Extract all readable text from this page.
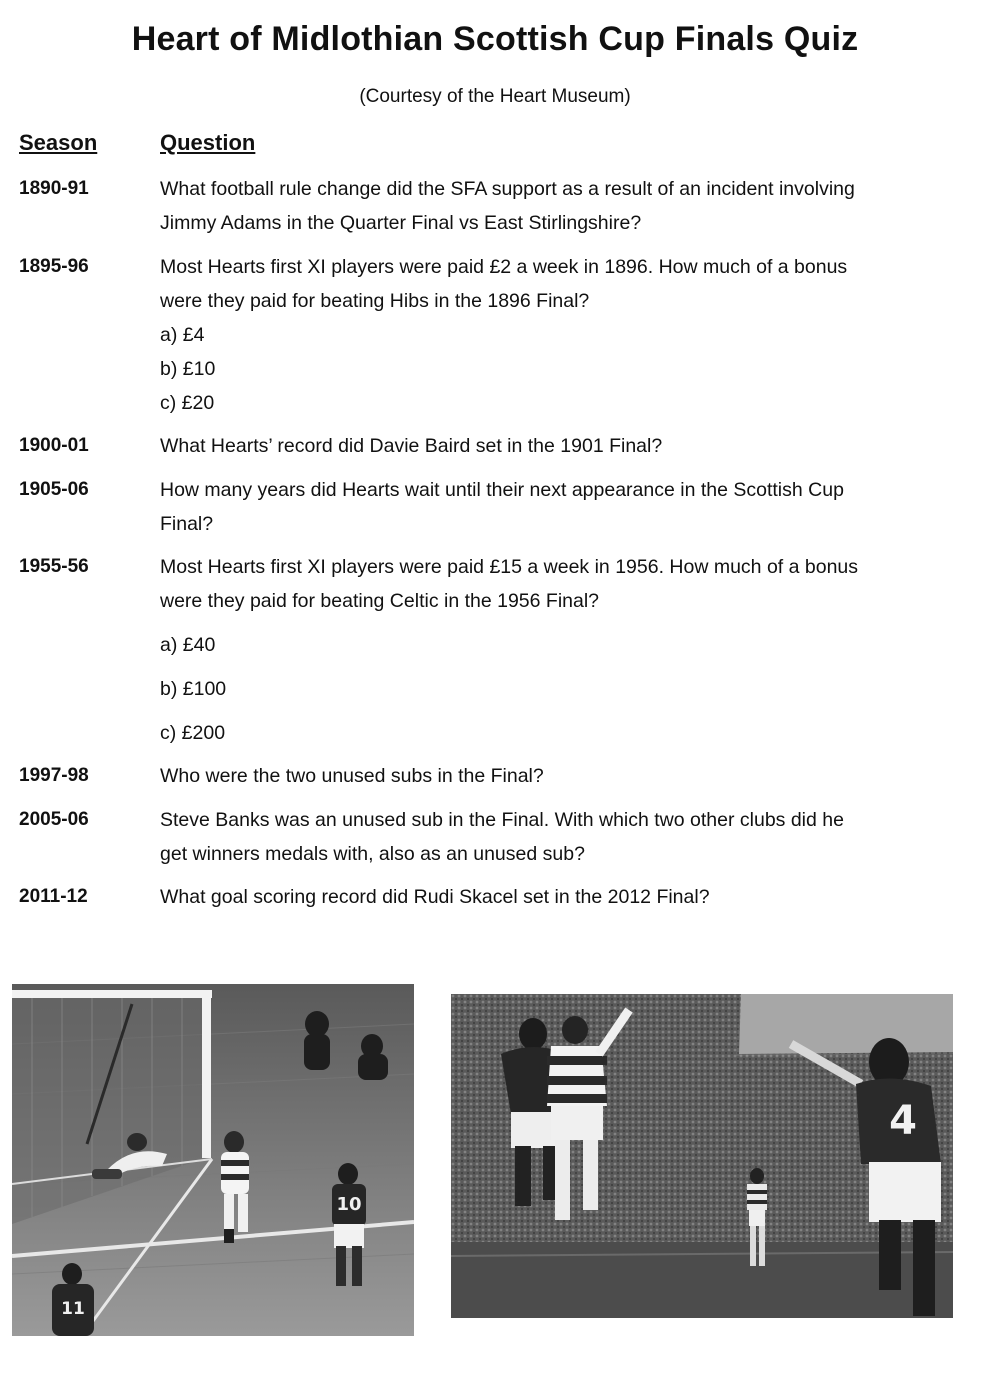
Heart of Midlothian Scottish Cup Finals Quiz
(Courtesy of the Heart Museum)
Season	Question
1890-91	What football rule change did the SFA support as a result of an incident involving Jimmy Adams in the Quarter Final vs East Stirlingshire?
1895-96	Most Hearts first XI players were paid £2 a week in 1896. How much of a bonus were they paid for beating Hibs in the 1896 Final?
a) £4
b) £10
c) £20
1900-01	What Hearts’ record did Davie Baird set in the 1901 Final?
1905-06	How many years did Hearts wait until their next appearance in the Scottish Cup Final?
1955-56	Most Hearts first XI players were paid £15 a week in 1956. How much of a bonus were they paid for beating Celtic in the 1956 Final?
a) £40
b) £100
c) £200
1997-98	Who were the two unused subs in the Final?
2005-06	Steve Banks was an unused sub in the Final. With which two other clubs did he get winners medals with, also as an unused sub?
2011-12	What goal scoring record did Rudi Skacel set in the 2012 Final?
10
11
4
